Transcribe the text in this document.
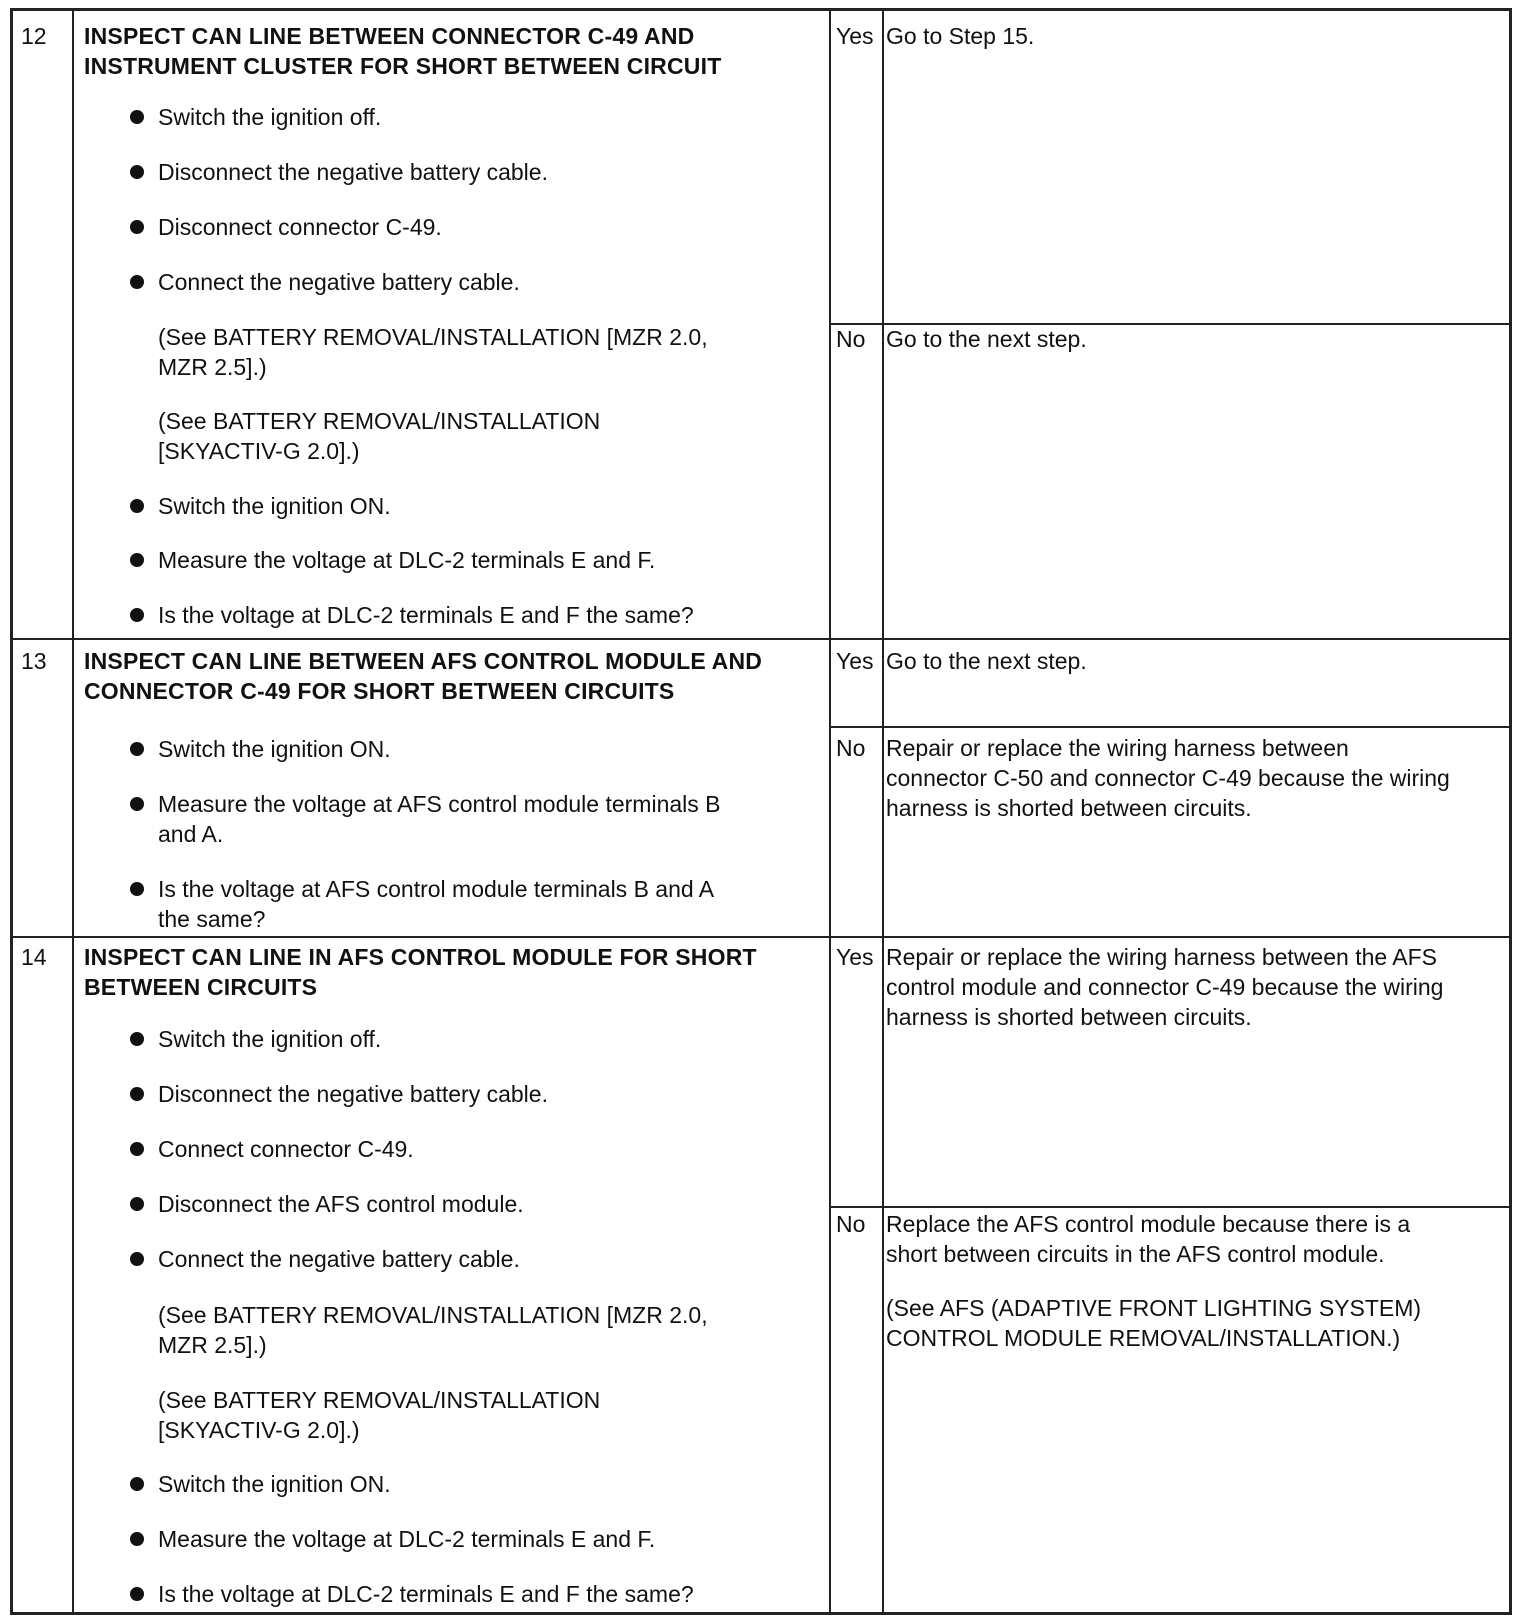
12 INSPECT CAN LINE BETWEEN CONNECTOR C-49 AND
INSTRUMENT CLUSTER FOR SHORT BETWEEN CIRCUIT
Switch the ignition off.
Disconnect the negative battery cable.
Disconnect connector C-49.
Connect the negative battery cable.
(See BATTERY REMOVAL/INSTALLATION [MZR 2.0,
MZR 2.5].)
(See BATTERY REMOVAL/INSTALLATION
[SKYACTIV-G 2.0].)
Switch the ignition ON.
Measure the voltage at DLC-2 terminals E and F.
Is the voltage at DLC-2 terminals E and F the same?
Yes Go to Step 15.
No Go to the next step.
13 INSPECT CAN LINE BETWEEN AFS CONTROL MODULE AND
CONNECTOR C-49 FOR SHORT BETWEEN CIRCUITS
Switch the ignition ON.
Measure the voltage at AFS control module terminals B
and A.
Is the voltage at AFS control module terminals B and A
the same?
Yes Go to the next step.
No Repair or replace the wiring harness between
connector C-50 and connector C-49 because the wiring
harness is shorted between circuits.
14 INSPECT CAN LINE IN AFS CONTROL MODULE FOR SHORT
BETWEEN CIRCUITS
Switch the ignition off.
Disconnect the negative battery cable.
Connect connector C-49.
Disconnect the AFS control module.
Connect the negative battery cable.
(See BATTERY REMOVAL/INSTALLATION [MZR 2.0,
MZR 2.5].)
(See BATTERY REMOVAL/INSTALLATION
[SKYACTIV-G 2.0].)
Switch the ignition ON.
Measure the voltage at DLC-2 terminals E and F.
Is the voltage at DLC-2 terminals E and F the same?
Yes Repair or replace the wiring harness between the AFS
control module and connector C-49 because the wiring
harness is shorted between circuits.
No Replace the AFS control module because there is a
short between circuits in the AFS control module.
(See AFS (ADAPTIVE FRONT LIGHTING SYSTEM)
CONTROL MODULE REMOVAL/INSTALLATION.)
